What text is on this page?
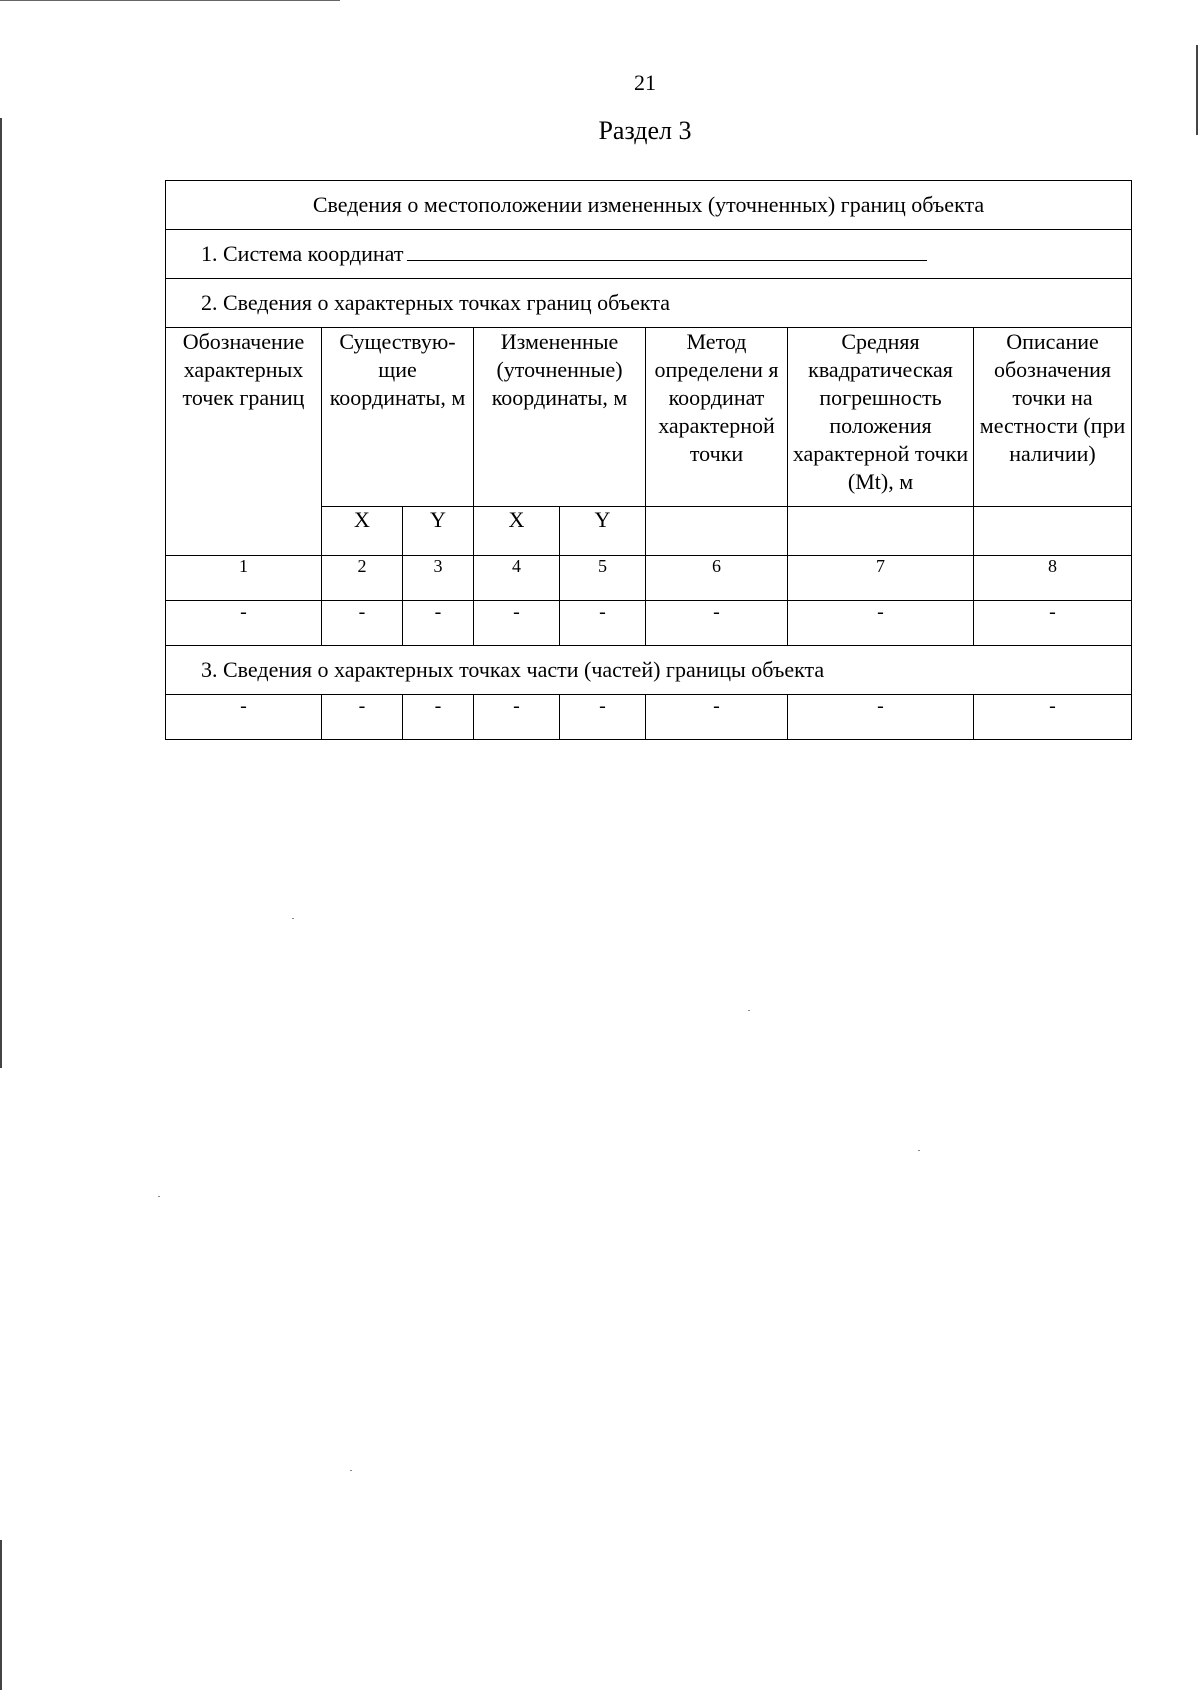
21
Раздел 3
Сведения о местоположении измененных (уточненных) границ объекта							
1. Система координат							
2. Сведения о характерных точках границ объекта							
Обозначение характерных точек границ	Существую-щие координаты, м		Измененные (уточненные) координаты, м		Метод определени я координат характерной точки	Средняя квадратическая погрешность положения характерной точки (Mt), м	Описание обозначения точки на местности (при наличии)
	X	Y	X	Y			
1	2	3	4	5	6	7	8
-	-	-	-	-	-	-	-
3. Сведения о характерных точках части (частей) границы объекта							
-	-	-	-	-	-	-	-
